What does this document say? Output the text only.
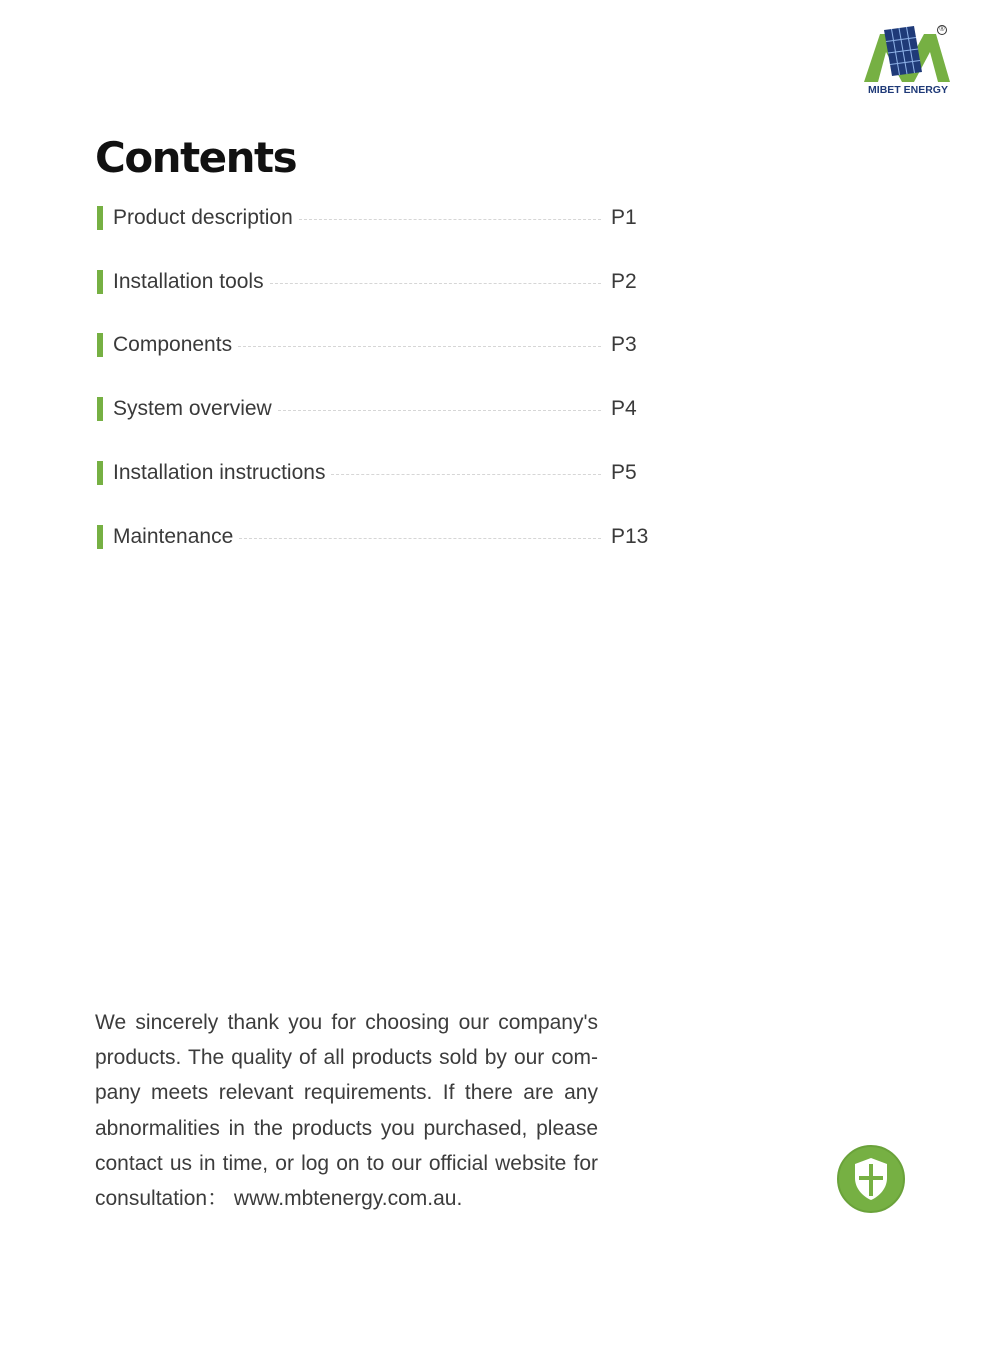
®
MIBET ENERGY
Contents
Product description	P1
Installation tools	P2
Components	P3
System overview	P4
Installation instructions	P5
Maintenance	P13

We sincerely thank you for choosing our company's products. The quality of all products sold by our com- pany meets relevant requirements. If there are any abnormalities in the products you purchased, please contact us in time, or log on to our official website for consultation： www.mbtenergy.com.au.
